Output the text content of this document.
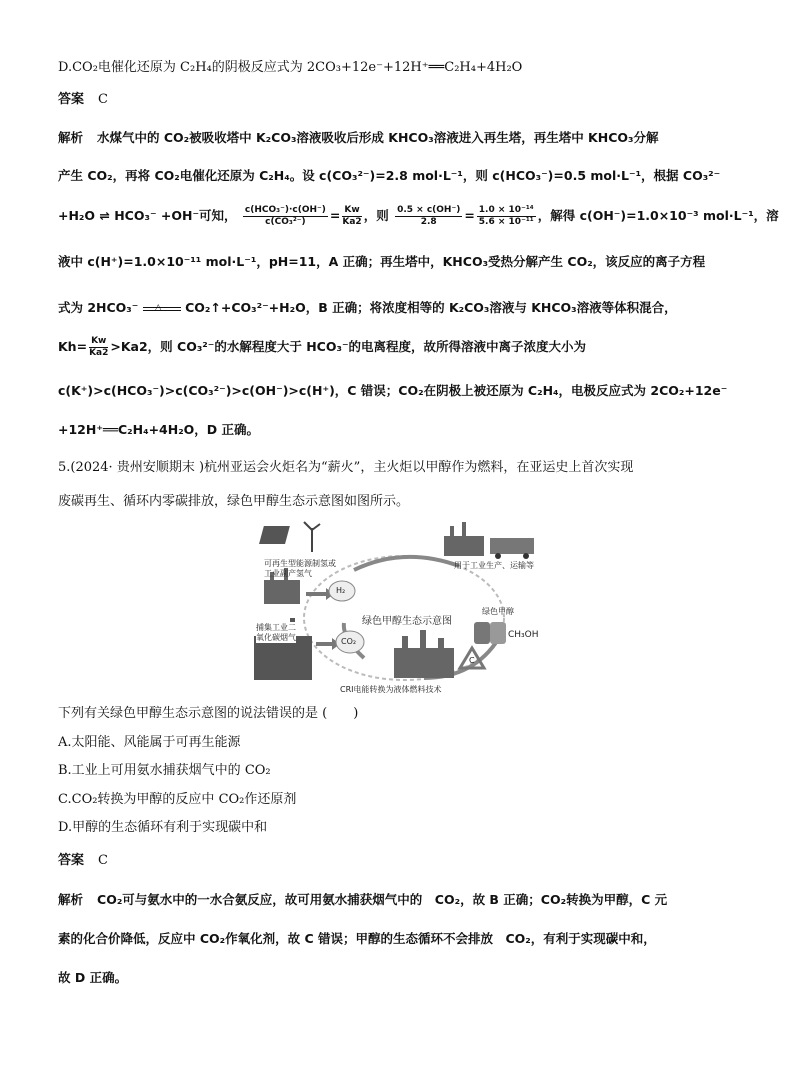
D.CO₂电催化还原为 C₂H₄的阴极反应式为 2CO₃+12e⁻+12H⁺══C₂H₄+4H₂O
答案 C
解析 水煤气中的 CO₂被吸收塔中 K₂CO₃溶液吸收后形成 KHCO₃溶液进入再生塔，再生塔中 KHCO₃分解
产生 CO₂，再将 CO₂电催化还原为 C₂H₄。设 c(CO₃²⁻)=2.8 mol·L⁻¹，则 c(HCO₃⁻)=0.5 mol·L⁻¹，根据 CO₃²⁻
+H₂O ⇌ HCO₃⁻ +OH⁻可知， $\frac{\text{c(HCO₃⁻)·c(OH⁻)}}{\text{c(CO₃²⁻)}} = \frac{Kw}{Ka2}$ ，则 $\frac{0.5 \times c(OH^-)}{2.8} = \frac{\text{1.0 × 10⁻¹⁴}}{\text{5.6 × 10⁻¹¹}}$ ，解得 c(OH⁻)=1.0×10⁻³ mol·L⁻¹，溶
液中 c(H⁺)=1.0×10⁻¹¹ mol·L⁻¹，pH=11，A 正确；再生塔中，KHCO₃受热分解产生 CO₂，该反应的离子方程
式为 2HCO₃⁻ △ CO₂↑+CO₃²⁻+H₂O，B 正确；将浓度相等的 K₂CO₃溶液与 KHCO₃溶液等体积混合，
$Kh= \frac{Kw}{Ka2} >Ka2$，则 CO₃²⁻的水解程度大于 HCO₃⁻的电离程度，故所得溶液中离子浓度大小为
c(K⁺)>c(HCO₃⁻)>c(CO₃²⁻)>c(OH⁻)>c(H⁺)，C 错误；CO₂在阴极上被还原为 C₂H₄，电极反应式为 2CO₂+12e⁻
+12H⁺══C₂H₄+4H₂O，D 正确。
5.(2024· 贵州安顺期末 )杭州亚运会火炬名为“薪火”，主火炬以甲醇作为燃料，在亚运史上首次实现
废碳再生、循环内零碳排放，绿色甲醇生态示意图如图所示。
可再生型能源制氢或
工业副产氢气
H₂
捕集工业二
氧化碳烟气	CO₂
绿色甲醇生态示意图
用于工业生产、运输等
绿色甲醇
CH₃OH
C
CRI电能转换为液体燃料技术
下列有关绿色甲醇生态示意图的说法错误的是 (　　)
A.太阳能、风能属于可再生能源
B.工业上可用氨水捕获烟气中的 CO₂
C.CO₂转换为甲醇的反应中 CO₂作还原剂
D.甲醇的生态循环有利于实现碳中和
答案 C
解析 CO₂可与氨水中的一水合氨反应，故可用氨水捕获烟气中的　CO₂，故 B 正确；CO₂转换为甲醇，C 元
素的化合价降低，反应中 CO₂作氧化剂，故 C 错误；甲醇的生态循环不会排放　CO₂，有利于实现碳中和，
故 D 正确。
